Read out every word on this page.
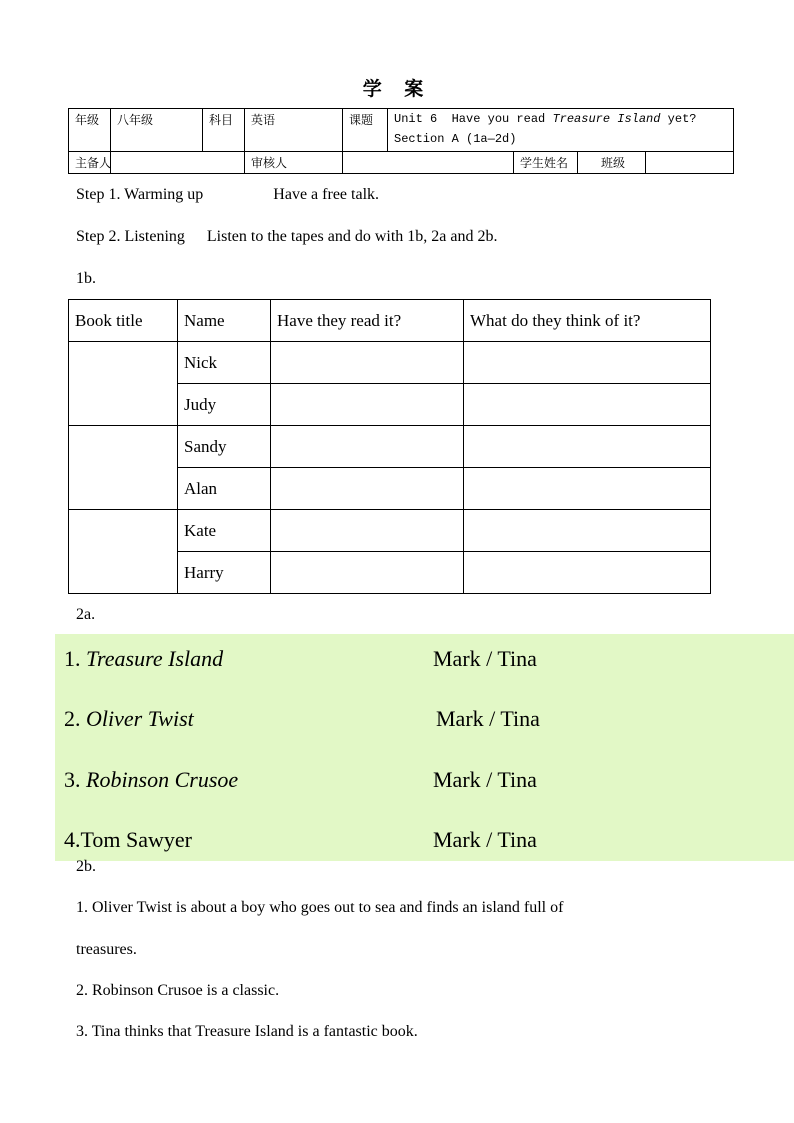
学 案
年级	八年级	科目	英语	课题	Unit 6  Have you read Treasure Island yet?
Section A (1a—2d)			
主备人			审核人			学生姓名	班级	
Step 1. Warming up	Have a free talk.
Step 2. Listening Listen to the tapes and do with 1b, 2a and 2b.
1b.
Book title	Name	Have they read it?	What do they think of it?
	Nick		
	Judy		
	Sandy		
	Alan		
	Kate		
	Harry		
2a.
1. Treasure Island	Mark / Tina
2. Oliver Twist	Mark / Tina
3. Robinson Crusoe	Mark / Tina
4.Tom Sawyer	Mark / Tina
2b.
1. Oliver Twist is about a boy who goes out to sea and finds an island full of
treasures.
2. Robinson Crusoe is a classic.
3. Tina thinks that Treasure Island is a fantastic book.
